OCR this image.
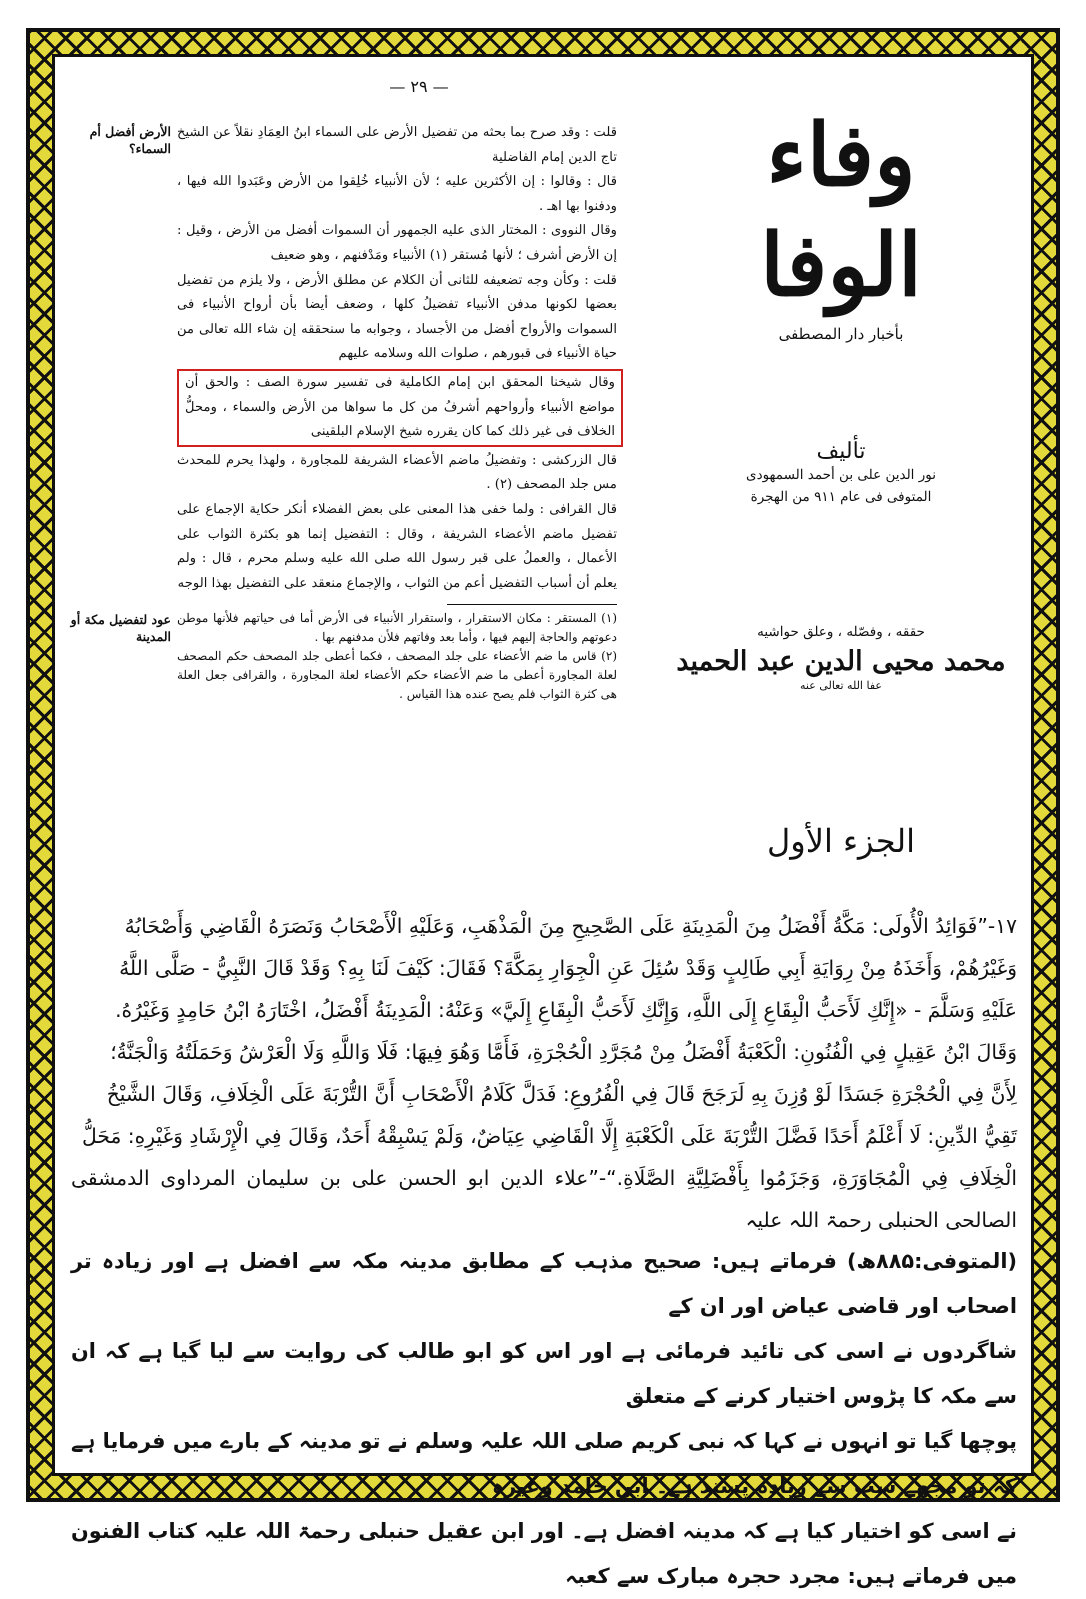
— ٢٩ —
الأرض أفضل أم السماء؟
عود لتفضيل مكة أو المدينة

قلت : وقد صرح بما بحثه من تفضيل الأرض على السماء ابنُ العِمَادِ نقلاً عن الشيخ تاج الدين إمام الفاضلية

قال : وقالوا : إن الأكثرين عليه ؛ لأن الأنبياء خُلِقوا من الأرض وعَبَدوا الله فيها ، ودفنوا بها اهـ .

وقال النووى : المختار الذى عليه الجمهور أن السموات أفضل من الأرض ، وقيل : إن الأرض أشرف ؛ لأنها مُستقر (١) الأنبياء ومَدْفنهم ، وهو ضعيف

قلت : وكأن وجه تضعيفه للثانى أن الكلام عن مطلق الأرض ، ولا يلزم من تفضيل بعضها لكونها مدفن الأنبياء تفضيلُ كلها ، وضعف أيضا بأن أرواح الأنبياء فى السموات والأرواح أفضل من الأجساد ، وجوابه ما سنحققه إن شاء الله تعالى من حياة الأنبياء فى قبورهم ، صلوات الله وسلامه عليهم

وقال شيخنا المحقق ابن إمام الكاملية فى تفسير سورة الصف : والحق أن مواضع الأنبياء وأرواحهم أشرفُ من كل ما سواها من الأرض والسماء ، ومحلُّ الخلاف فى غير ذلك كما كان يقرره شيخ الإسلام البلقينى

قال الزركشى : وتفضيلُ ماضم الأعضاء الشريفة للمجاورة ، ولهذا يحرم للمحدث مس جلد المصحف (٢) .

قال القرافى : ولما خفى هذا المعنى على بعض الفضلاء أنكر حكاية الإجماع على تفضيل ماضم الأعضاء الشريفة ، وقال : التفضيل إنما هو بكثرة الثواب على الأعمال ، والعملُ على قبر رسول الله صلى الله عليه وسلم محرم ، قال : ولم يعلم أن أسباب التفضيل أعم من الثواب ، والإجماع منعقد على التفضيل بهذا الوجه

(١) المستقر : مكان الاستقرار ، واستقرار الأنبياء فى الأرض أما فى حياتهم فلأنها موطن دعوتهم والحاجة إليهم فيها ، وأما بعد وفاتهم فلأن مدفنهم بها .

(٢) قاس ما ضم الأعضاء على جلد المصحف ، فكما أعطى جلد المصحف حكم المصحف لعلة المجاورة أعطى ما ضم الأعضاء حكم الأعضاء لعلة المجاورة ، والقرافى جعل العلة هى كثرة الثواب فلم يصح عنده هذا القياس .

وفاء الوفا
بأخبار دار المصطفى
تأليف
نور الدين على بن أحمد السمهودى
المتوفى فى عام ٩١١ من الهجرة
حققه ، وفصّله ، وعلق حواشيه
محمد محيى الدين عبد الحميد
عفا الله تعالى عنه
الجزء الأول

١٧-”فَوَائِدُ الْأُولَى: مَكَّةُ أَفْضَلُ مِنَ الْمَدِينَةِ عَلَى الصَّحِيحِ مِنَ الْمَذْهَبِ، وَعَلَيْهِ الْأَصْحَابُ وَنَصَرَهُ الْقَاضِي وَأَصْحَابُهُ

وَغَيْرُهُمْ، وَأَخَذَهُ مِنْ رِوَايَةِ أَبِي طَالِبٍ وَقَدْ سُئِلَ عَنِ الْجِوَارِ بِمَكَّةَ؟ فَقَالَ: كَيْفَ لَنَا بِهِ؟ وَقَدْ قَالَ النَّبِيُّ - صَلَّى اللَّهُ

عَلَيْهِ وَسَلَّمَ - «إِنَّكِ لَأَحَبُّ الْبِقَاعِ إِلَى اللَّهِ، وَإِنَّكِ لَأَحَبُّ الْبِقَاعِ إِلَيَّ» وَعَنْهُ: الْمَدِينَةُ أَفْضَلُ، اخْتَارَهُ ابْنُ حَامِدٍ وَغَيْرُهُ.

وَقَالَ ابْنُ عَقِيلٍ فِي الْفُنُونِ: الْكَعْبَةُ أَفْضَلُ مِنْ مُجَرَّدِ الْحُجْرَةِ، فَأَمَّا وَهُوَ فِيهَا: فَلَا وَاللَّهِ وَلَا الْعَرْشُ وَحَمَلَتُهُ وَالْجَنَّةُ؛

لِأَنَّ فِي الْحُجْرَةِ جَسَدًا لَوْ وُزِنَ بِهِ لَرَجَحَ قَالَ فِي الْفُرُوعِ: فَدَلَّ كَلَامُ الْأَصْحَابِ أَنَّ التُّرْبَةَ عَلَى الْخِلَافِ، وَقَالَ الشَّيْخُ

تَقِيُّ الدِّينِ: لَا أَعْلَمُ أَحَدًا فَضَّلَ التُّرْبَةَ عَلَى الْكَعْبَةِ إِلَّا الْقَاضِي عِيَاضٌ، وَلَمْ يَسْبِقْهُ أَحَدٌ، وَقَالَ فِي الْإِرْشَادِ وَغَيْرِهِ: مَحَلُّ

الْخِلَافِ فِي الْمُجَاوَرَةِ، وَجَزَمُوا بِأَفْضَلِيَّةِ الصَّلَاةِ.“-”علاء الدین ابو الحسن علی بن سلیمان المرداوی الدمشقی الصالحی الحنبلی رحمۃ اللہ علیہ

(المتوفی:۸۸۵ھ) فرماتے ہیں: صحیح مذہب کے مطابق مدینہ مکہ سے افضل ہے اور زیادہ تر اصحاب اور قاضی عیاض اور ان کے

شاگردوں نے اسی کی تائید فرمائی ہے اور اس کو ابو طالب کی روایت سے لیا گیا ہے کہ ان سے مکہ کا پڑوس اختیار کرنے کے متعلق

پوچھا گیا تو انہوں نے کہا کہ نبی کریم صلی اللہ علیہ وسلم نے تو مدینہ کے بارے میں فرمایا ہے کہ تو مجھے سب سے زیادہ پسند ہے۔ ابن حامد وغیرہ

نے اسی کو اختیار کیا ہے کہ مدینہ افضل ہے۔ اور ابن عقیل حنبلی رحمۃ اللہ علیہ کتاب الفنون میں فرماتے ہیں: مجرد حجرہ مبارک سے کعبہ
